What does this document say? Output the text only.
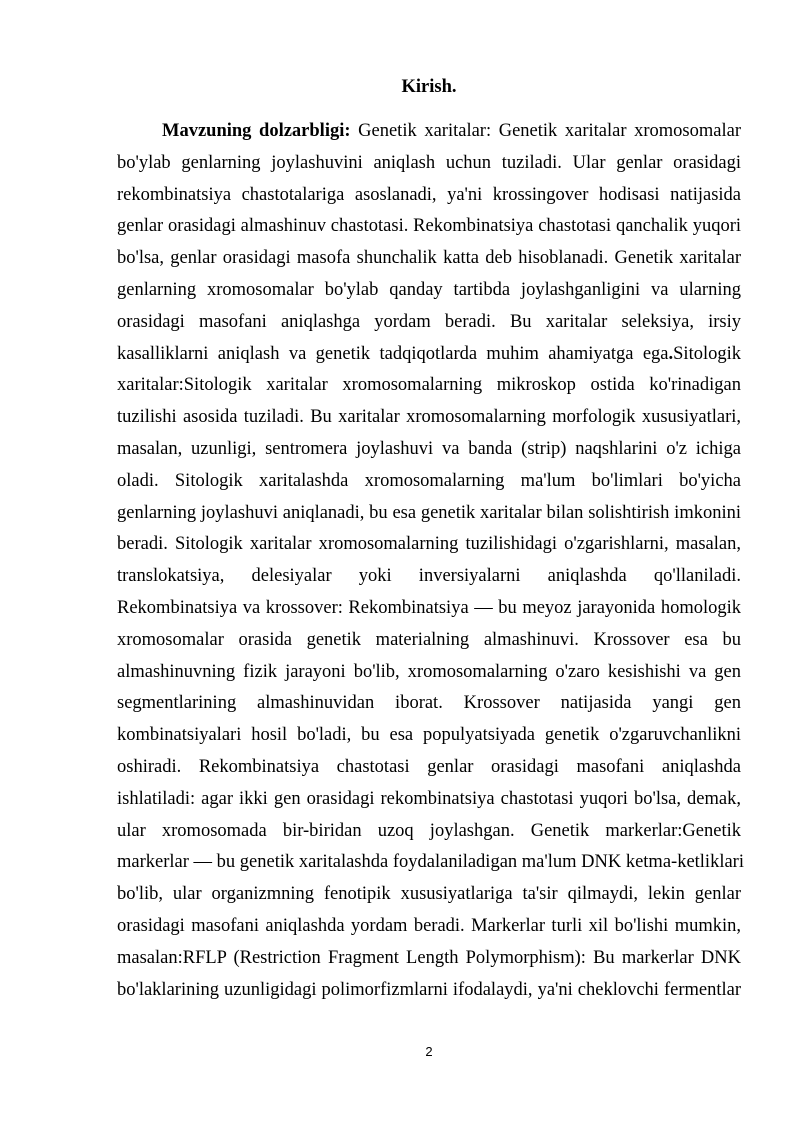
Kirish.
Mavzuning dolzarbligi: Genetik xaritalar: Genetik xaritalar xromosomalar
bo'ylab genlarning joylashuvini aniqlash uchun tuziladi. Ular genlar orasidagi
rekombinatsiya chastotalariga asoslanadi, ya'ni krossingover hodisasi natijasida
genlar orasidagi almashinuv chastotasi. Rekombinatsiya chastotasi qanchalik yuqori
bo'lsa, genlar orasidagi masofa shunchalik katta deb hisoblanadi. Genetik xaritalar
genlarning xromosomalar bo'ylab qanday tartibda joylashganligini va ularning
orasidagi masofani aniqlashga yordam beradi. Bu xaritalar seleksiya, irsiy
kasalliklarni aniqlash va genetik tadqiqotlarda muhim ahamiyatga ega.Sitologik
xaritalar:Sitologik xaritalar xromosomalarning mikroskop ostida ko'rinadigan
tuzilishi asosida tuziladi. Bu xaritalar xromosomalarning morfologik xususiyatlari,
masalan, uzunligi, sentromera joylashuvi va banda (strip) naqshlarini o'z ichiga
oladi. Sitologik xaritalashda xromosomalarning ma'lum bo'limlari bo'yicha
genlarning joylashuvi aniqlanadi, bu esa genetik xaritalar bilan solishtirish imkonini
beradi. Sitologik xaritalar xromosomalarning tuzilishidagi o'zgarishlarni, masalan,
translokatsiya, delesiyalar yoki inversiyalarni aniqlashda qo'llaniladi.
Rekombinatsiya va krossover: Rekombinatsiya — bu meyoz jarayonida homologik
xromosomalar orasida genetik materialning almashinuvi. Krossover esa bu
almashinuvning fizik jarayoni bo'lib, xromosomalarning o'zaro kesishishi va gen
segmentlarining almashinuvidan iborat. Krossover natijasida yangi gen
kombinatsiyalari hosil bo'ladi, bu esa populyatsiyada genetik o'zgaruvchanlikni
oshiradi. Rekombinatsiya chastotasi genlar orasidagi masofani aniqlashda
ishlatiladi: agar ikki gen orasidagi rekombinatsiya chastotasi yuqori bo'lsa, demak,
ular xromosomada bir-biridan uzoq joylashgan. Genetik markerlar:Genetik
markerlar — bu genetik xaritalashda foydalaniladigan ma'lum DNK ketma-ketliklari
bo'lib, ular organizmning fenotipik xususiyatlariga ta'sir qilmaydi, lekin genlar
orasidagi masofani aniqlashda yordam beradi. Markerlar turli xil bo'lishi mumkin,
masalan:RFLP (Restriction Fragment Length Polymorphism): Bu markerlar DNK
bo'laklarining uzunligidagi polimorfizmlarni ifodalaydi, ya'ni cheklovchi fermentlar
2
